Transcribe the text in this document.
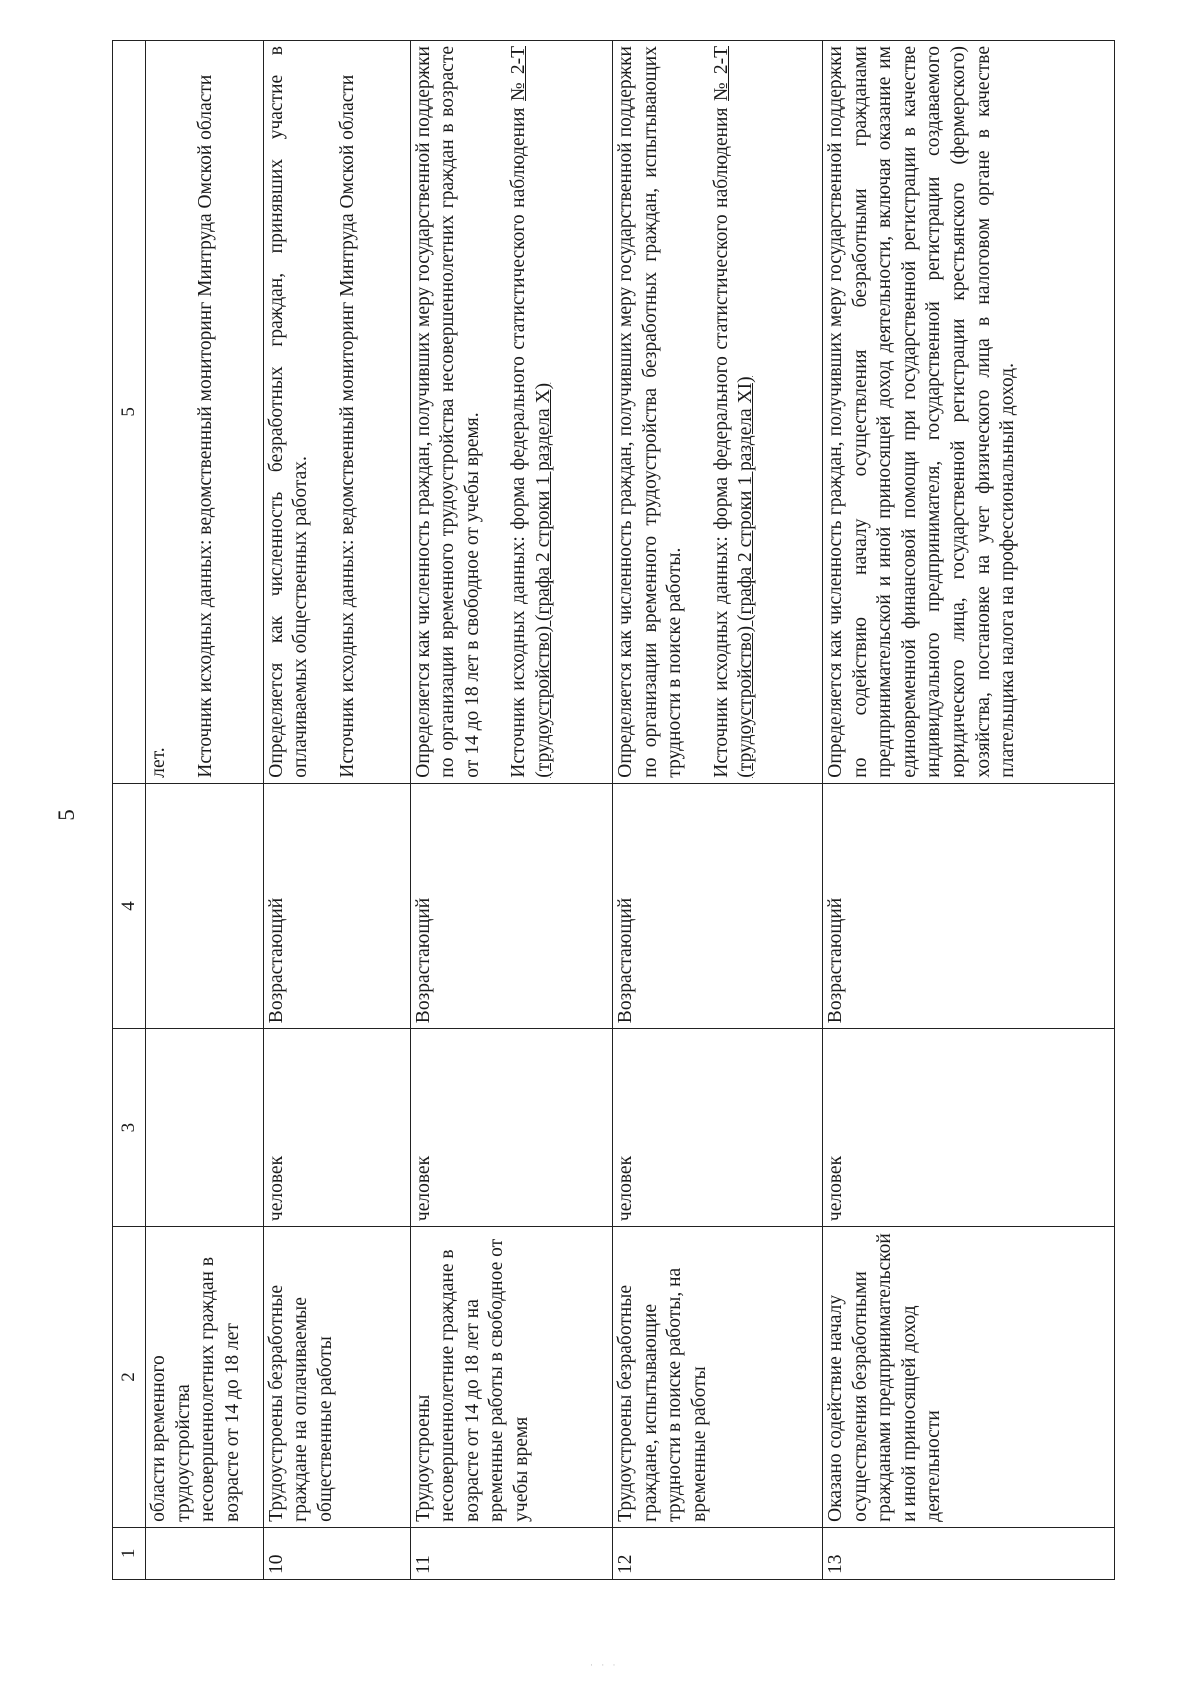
5
1	2	3	4	5
	области временного трудоустройства несовершеннолетних граждан в возрасте от 14 до 18 лет			лет. Источник исходных данных: ведомственный мониторинг Минтруда Омской области

10	Трудоустроены безработные граждане на оплачиваемые общественные работы	человек	Возрастающий	Определяется как численность безработных граждан, принявших участие в оплачиваемых общественных работах. Источник исходных данных: ведомственный мониторинг Минтруда Омской области

11	Трудоустроены несовершеннолетние граждане в возрасте от 14 до 18 лет на временные работы в свободное от учебы время	человек	Возрастающий	Определяется как численность граждан, получивших меру государственной поддержки по организации временного трудоустройства несовершеннолетних граждан в возрасте от 14 до 18 лет в свободное от учебы время. Источник исходных данных: форма федерального статистического наблюдения № 2-Т (трудоустройство) (графа 2 строки 1 раздела X)

12	Трудоустроены безработные граждане, испытывающие трудности в поиске работы, на временные работы	человек	Возрастающий	Определяется как численность граждан, получивших меру государственной поддержки по организации временного трудоустройства безработных граждан, испытывающих трудности в поиске работы. Источник исходных данных: форма федерального статистического наблюдения № 2-Т (трудоустройство) (графа 2 строки 1 раздела XI)

13	Оказано содействие началу осуществления безработными гражданами предпринимательской и иной приносящей доход деятельности	человек	Возрастающий	Определяется как численность граждан, получивших меру государственной поддержки по содействию началу осуществления безработными гражданами предпринимательской и иной приносящей доход деятельности, включая оказание им единовременной финансовой помощи при государственной регистрации в качестве индивидуального предпринимателя, государственной регистрации создаваемого юридического лица, государственной регистрации крестьянского (фермерского) хозяйства, постановке на учет физического лица в налоговом органе в качестве плательщика налога на профессиональный доход.

· · ·
